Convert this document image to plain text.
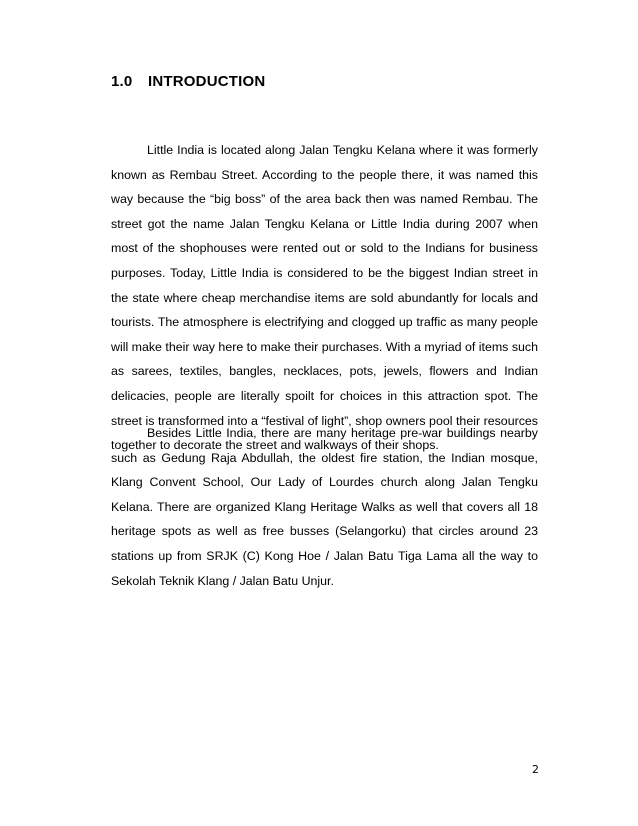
1.0 INTRODUCTION

Little India is located along Jalan Tengku Kelana where it was formerly known as Rembau Street. According to the people there, it was named this way because the “big boss” of the area back then was named Rembau. The street got the name Jalan Tengku Kelana or Little India during 2007 when most of the shophouses were rented out or sold to the Indians for business purposes. Today, Little India is considered to be the biggest Indian street in the state where cheap merchandise items are sold abundantly for locals and tourists. The atmosphere is electrifying and clogged up traffic as many people will make their way here to make their purchases. With a myriad of items such as sarees, textiles, bangles, necklaces, pots, jewels, flowers and Indian delicacies, people are literally spoilt for choices in this attraction spot. The street is transformed into a “festival of light”, shop owners pool their resources together to decorate the street and walkways of their shops.

Besides Little India, there are many heritage pre-war buildings nearby such as Gedung Raja Abdullah, the oldest fire station, the Indian mosque, Klang Convent School, Our Lady of Lourdes church along Jalan Tengku Kelana. There are organized Klang Heritage Walks as well that covers all 18 heritage spots as well as free busses (Selangorku) that circles around 23 stations up from SRJK (C) Kong Hoe / Jalan Batu Tiga Lama all the way to Sekolah Teknik Klang / Jalan Batu Unjur.

2
